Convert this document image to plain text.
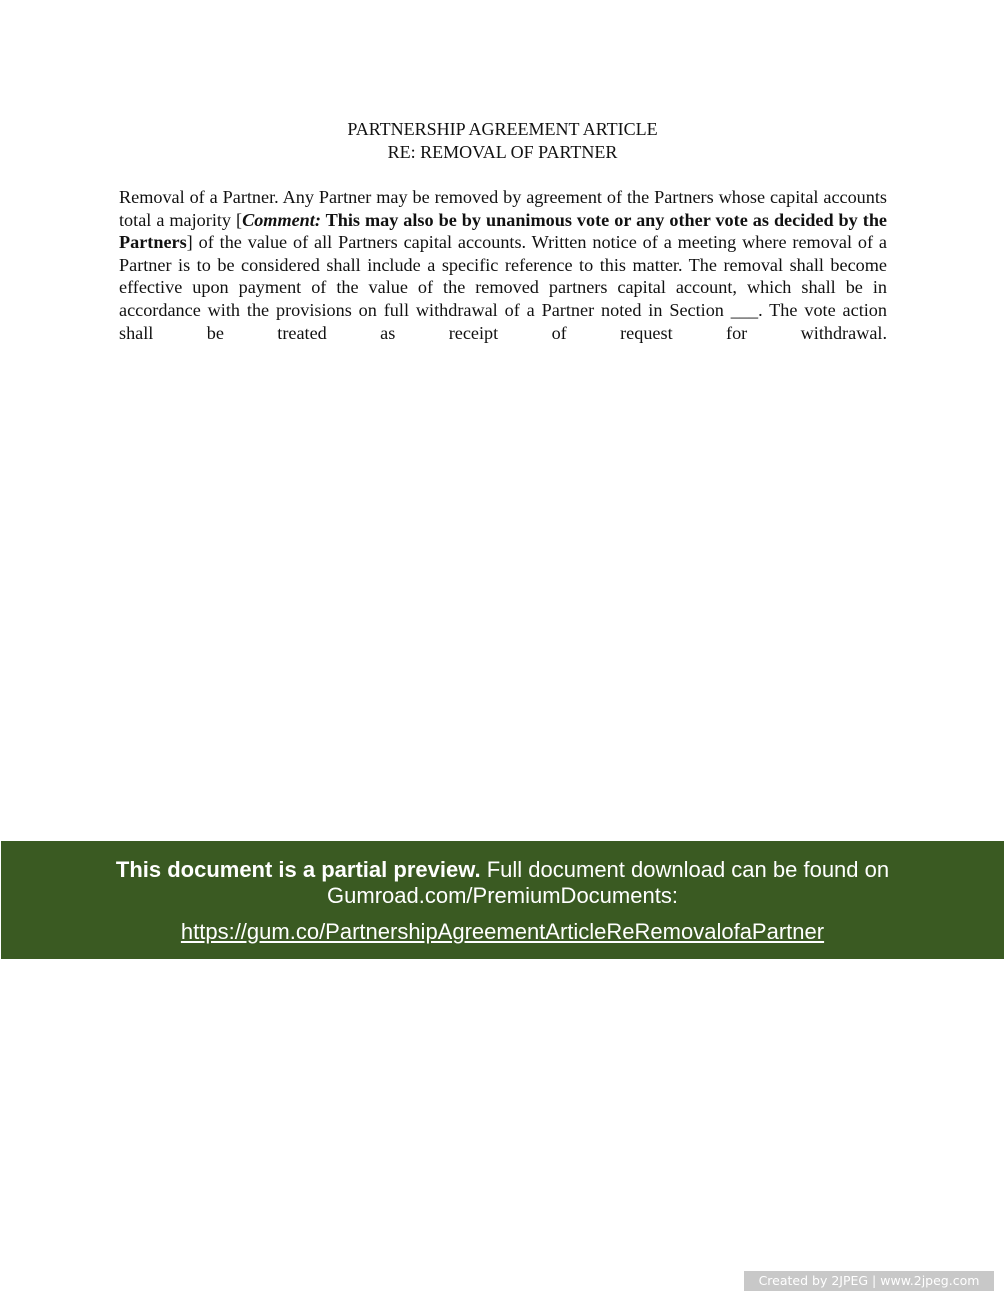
PARTNERSHIP AGREEMENT ARTICLE
RE: REMOVAL OF PARTNER
Removal of a Partner. Any Partner may be removed by agreement of the Partners whose capital accounts total a majority [Comment: This may also be by unanimous vote or any other vote as decided by the Partners] of the value of all Partners capital accounts. Written notice of a meeting where removal of a Partner is to be considered shall include a specific reference to this matter. The removal shall become effective upon payment of the value of the removed partners capital account, which shall be in accordance with the provisions on full withdrawal of a Partner noted in Section ___. The vote action shall be treated as receipt of request for withdrawal.
This document is a partial preview. Full document download can be found on Gumroad.com/PremiumDocuments:
https://gum.co/PartnershipAgreementArticleReRemovalofaPartner
Created by 2JPEG | www.2jpeg.com
